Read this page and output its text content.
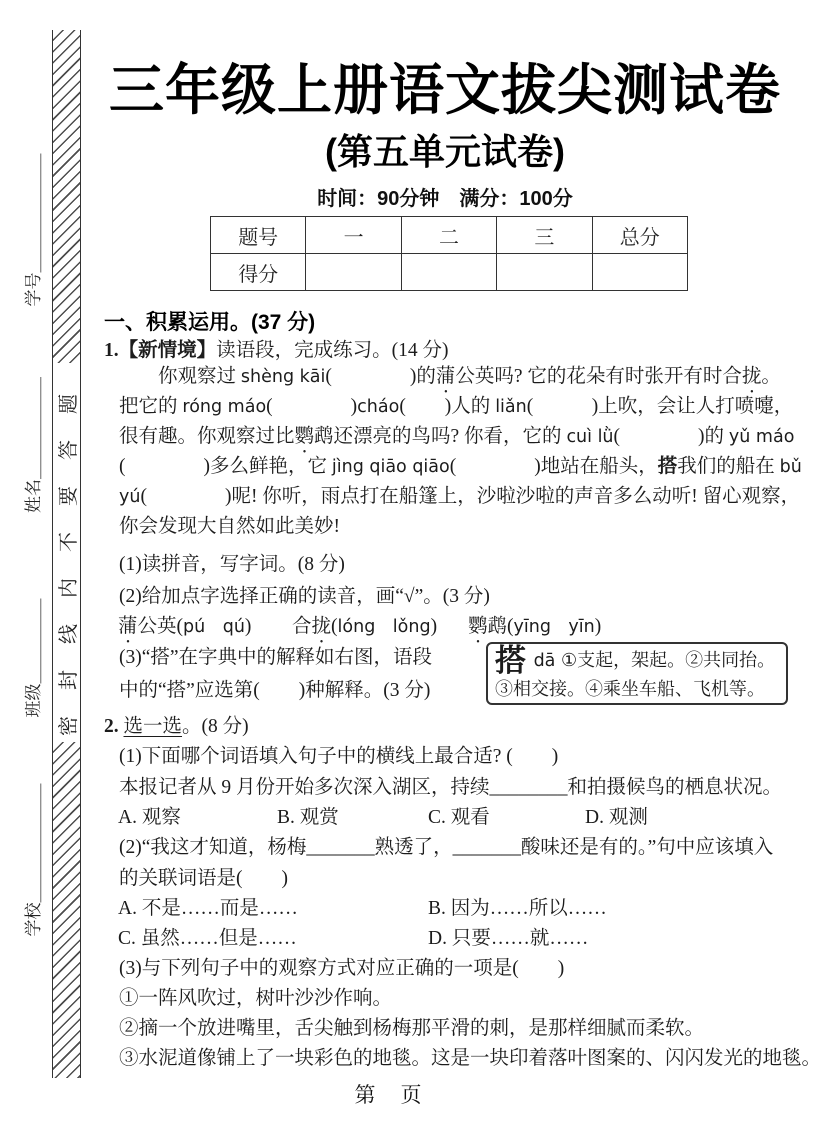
学号
＿＿＿＿＿＿＿
姓名
＿＿＿＿＿＿
班级
＿＿＿＿＿
学校
＿＿＿＿＿＿＿
密封线内不要答题
三年级上册语文拔尖测试卷
(第五单元试卷)
时间：90分钟　满分：100分
题号	一	二	三	总分
得分				
一、积累运用。(37 分)
1.【新情境】读语段，完成练习。(14 分)
　　你观察过 shèng kāi(　　　　)的蒲公英吗? 它的花朵有时张开有时合拢。
把它的 róng máo(　　　　)cháo(　　)人的 liǎn(　　　)上吹，会让人打喷嚏，
很有趣。你观察过比鹦鹉还漂亮的鸟吗? 你看，它的 cuì lǜ(　　　　)的 yǔ máo
(　　　　)多么鲜艳，它 jìng qiāo qiāo(　　　　)地站在船头，搭我们的船在 bǔ
yú(　　　　)呢! 你听，雨点打在船篷上，沙啦沙啦的声音多么动听! 留心观察，
你会发现大自然如此美妙!
(1)读拼音，写字词。(8 分)
(2)给加点字选择正确的读音，画“√”。(3 分)
蒲公英(pú　qú) 合拢(lóng　lǒng) 鹦鹉(yīng　yīn)
(3)“搭”在字典中的解释如右图，语段
中的“搭”应选第(　　)种解释。(3 分)
搭 dā ①支起，架起。②共同抬。
③相交接。④乘坐车船、飞机等。
2. 选一选。(8 分)
(1)下面哪个词语填入句子中的横线上最合适? (　　)
本报记者从 9 月份开始多次深入湖区，持续________和拍摄候鸟的栖息状况。
A. 观察	B. 观赏	C. 观看	D. 观测
(2)“我这才知道，杨梅_______熟透了，_______酸味还是有的。”句中应该填入
的关联词语是(　　)
A. 不是……而是……	B. 因为……所以……
C. 虽然……但是……	D. 只要……就……
(3)与下列句子中的观察方式对应正确的一项是(　　)
①一阵风吹过，树叶沙沙作响。
②摘一个放进嘴里，舌尖触到杨梅那平滑的刺，是那样细腻而柔软。
③水泥道像铺上了一块彩色的地毯。这是一块印着落叶图案的、闪闪发光的地毯。
第　页
